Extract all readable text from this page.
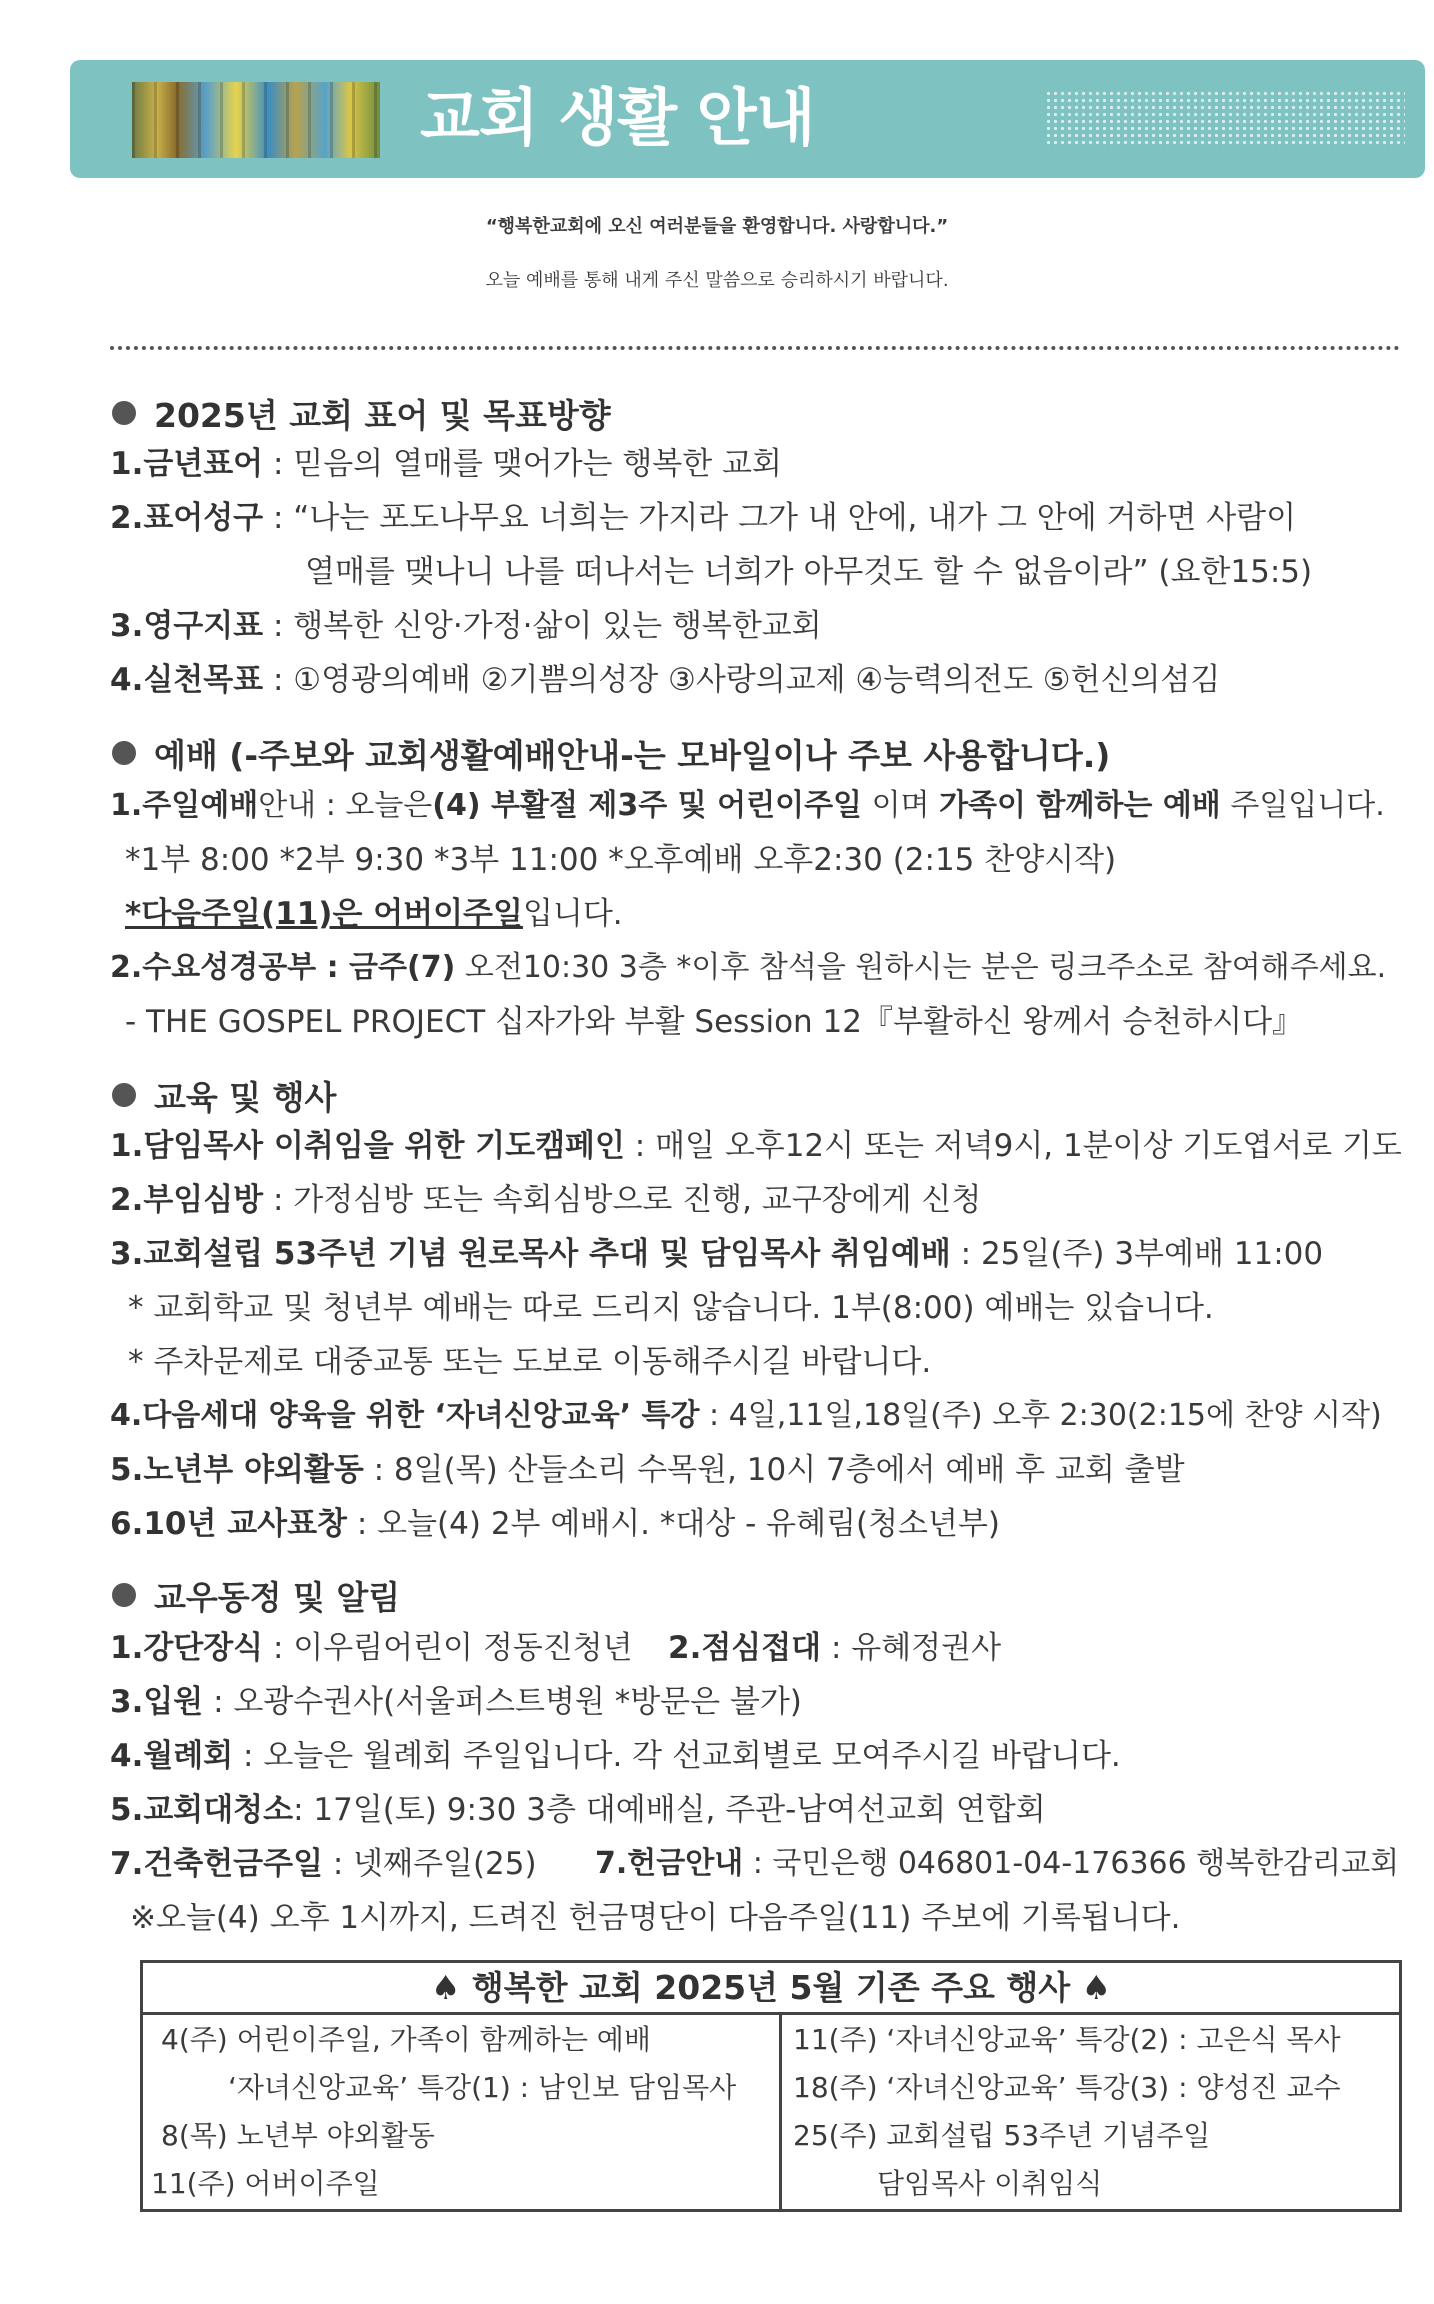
교회 생활 안내
“행복한교회에 오신 여러분들을 환영합니다. 사랑합니다.”
오늘 예배를 통해 내게 주신 말씀으로 승리하시기 바랍니다.
2025년 교회 표어 및 목표방향
1.금년표어 : 믿음의 열매를 맺어가는 행복한 교회
2.표어성구 : “나는 포도나무요 너희는 가지라 그가 내 안에, 내가 그 안에 거하면 사람이
열매를 맺나니 나를 떠나서는 너희가 아무것도 할 수 없음이라” (요한15:5)
3.영구지표 : 행복한 신앙·가정·삶이 있는 행복한교회
4.실천목표 : ①영광의예배 ②기쁨의성장 ③사랑의교제 ④능력의전도 ⑤헌신의섬김
예배 (-주보와 교회생활예배안내-는 모바일이나 주보 사용합니다.)
1.주일예배안내 : 오늘은(4) 부활절 제3주 및 어린이주일 이며 가족이 함께하는 예배 주일입니다.
*1부 8:00 *2부 9:30 *3부 11:00 *오후예배 오후2:30 (2:15 찬양시작)
*다음주일(11)은 어버이주일입니다.
2.수요성경공부 : 금주(7) 오전10:30 3층 *이후 참석을 원하시는 분은 링크주소로 참여해주세요.
- THE GOSPEL PROJECT 십자가와 부활 Session 12『부활하신 왕께서 승천하시다』
교육 및 행사
1.담임목사 이취임을 위한 기도캠페인 : 매일 오후12시 또는 저녁9시, 1분이상 기도엽서로 기도
2.부임심방 : 가정심방 또는 속회심방으로 진행, 교구장에게 신청
3.교회설립 53주년 기념 원로목사 추대 및 담임목사 취임예배 : 25일(주) 3부예배 11:00
* 교회학교 및 청년부 예배는 따로 드리지 않습니다. 1부(8:00) 예배는 있습니다.
* 주차문제로 대중교통 또는 도보로 이동해주시길 바랍니다.
4.다음세대 양육을 위한 ‘자녀신앙교육’ 특강 : 4일,11일,18일(주) 오후 2:30(2:15에 찬양 시작)
5.노년부 야외활동 : 8일(목) 산들소리 수목원, 10시 7층에서 예배 후 교회 출발
6.10년 교사표창 : 오늘(4) 2부 예배시. *대상 - 유혜림(청소년부)
교우동정 및 알림
1.강단장식 : 이우림어린이 정동진청년 2.점심접대 : 유혜정권사
3.입원 : 오광수권사(서울퍼스트병원 *방문은 불가)
4.월례회 : 오늘은 월례회 주일입니다. 각 선교회별로 모여주시길 바랍니다.
5.교회대청소: 17일(토) 9:30 3층 대예배실, 주관-남여선교회 연합회
7.건축헌금주일 : 넷째주일(25) 7.헌금안내 : 국민은행 046801-04-176366 행복한감리교회
※오늘(4) 오후 1시까지, 드려진 헌금명단이 다음주일(11) 주보에 기록됩니다.
♠ 행복한 교회 2025년 5월 기존 주요 행사 ♠
4(주) 어린이주일, 가족이 함께하는 예배
‘자녀신앙교육’ 특강(1) : 남인보 담임목사
8(목) 노년부 야외활동
11(주) 어버이주일
11(주) ‘자녀신앙교육’ 특강(2) : 고은식 목사
18(주) ‘자녀신앙교육’ 특강(3) : 양성진 교수
25(주) 교회설립 53주년 기념주일
담임목사 이취임식
